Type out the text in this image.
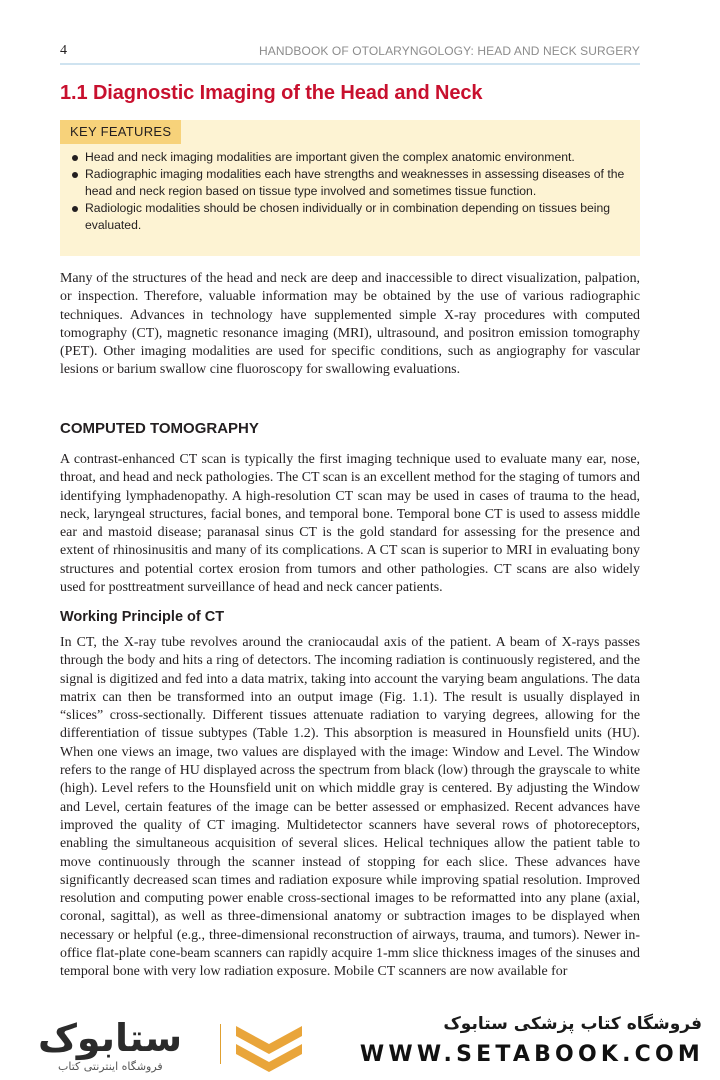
4	HANDBOOK OF OTOLARYNGOLOGY: HEAD AND NECK SURGERY
1.1 Diagnostic Imaging of the Head and Neck
KEY FEATURES
Head and neck imaging modalities are important given the complex anatomic environment.
Radiographic imaging modalities each have strengths and weaknesses in assessing diseases of the head and neck region based on tissue type involved and sometimes tissue function.
Radiologic modalities should be chosen individually or in combination depending on tissues being evaluated.

Many of the structures of the head and neck are deep and inaccessible to direct visualization, palpation, or inspection. Therefore, valuable information may be obtained by the use of various radiographic techniques. Advances in technology have supplemented simple X-ray procedures with computed tomography (CT), magnetic resonance imaging (MRI), ultrasound, and positron emission tomography (PET). Other imaging modalities are used for specific conditions, such as angiography for vascular lesions or barium swallow cine fluoroscopy for swallowing evaluations.

COMPUTED TOMOGRAPHY

A contrast-enhanced CT scan is typically the first imaging technique used to evaluate many ear, nose, throat, and head and neck pathologies. The CT scan is an excellent method for the staging of tumors and identifying lymphadenopathy. A high-resolution CT scan may be used in cases of trauma to the head, neck, laryngeal structures, facial bones, and temporal bone. Temporal bone CT is used to assess middle ear and mastoid disease; paranasal sinus CT is the gold standard for assessing for the presence and extent of rhinosinusitis and many of its complications. A CT scan is superior to MRI in evaluating bony structures and potential cortex erosion from tumors and other pathologies. CT scans are also widely used for posttreatment surveillance of head and neck cancer patients.

Working Principle of CT

In CT, the X-ray tube revolves around the craniocaudal axis of the patient. A beam of X-rays passes through the body and hits a ring of detectors. The incoming radiation is continuously registered, and the signal is digitized and fed into a data matrix, taking into account the varying beam angulations. The data matrix can then be transformed into an output image (Fig. 1.1). The result is usually displayed in “slices” cross-sectionally. Different tissues attenuate radiation to varying degrees, allowing for the differentiation of tissue subtypes (Table 1.2). This absorption is measured in Hounsfield units (HU). When one views an image, two values are displayed with the image: Window and Level. The Window refers to the range of HU displayed across the spectrum from black (low) through the grayscale to white (high). Level refers to the Hounsfield unit on which middle gray is centered. By adjusting the Window and Level, certain features of the image can be better assessed or emphasized. Recent advances have improved the quality of CT imaging. Multidetector scanners have several rows of photoreceptors, enabling the simultaneous acquisition of several slices. Helical techniques allow the patient table to move continuously through the scanner instead of stopping for each slice. These advances have significantly decreased scan times and radiation exposure while improving spatial resolution. Improved resolution and computing power enable cross-sectional images to be reformatted into any plane (axial, coronal, sagittal), as well as three-dimensional anatomy or subtraction images to be displayed when necessary or helpful (e.g., three-dimensional reconstruction of airways, trauma, and tumors). Newer in-office flat-plate cone-beam scanners can rapidly acquire 1-mm slice thickness images of the sinuses and temporal bone with very low radiation exposure. Mobile CT scanners are now available for

ستابوک
فروشگاه اینترنتی کتاب
فروشگاه کتاب پزشکی ستابوک
WWW.SETABOOK.COM
